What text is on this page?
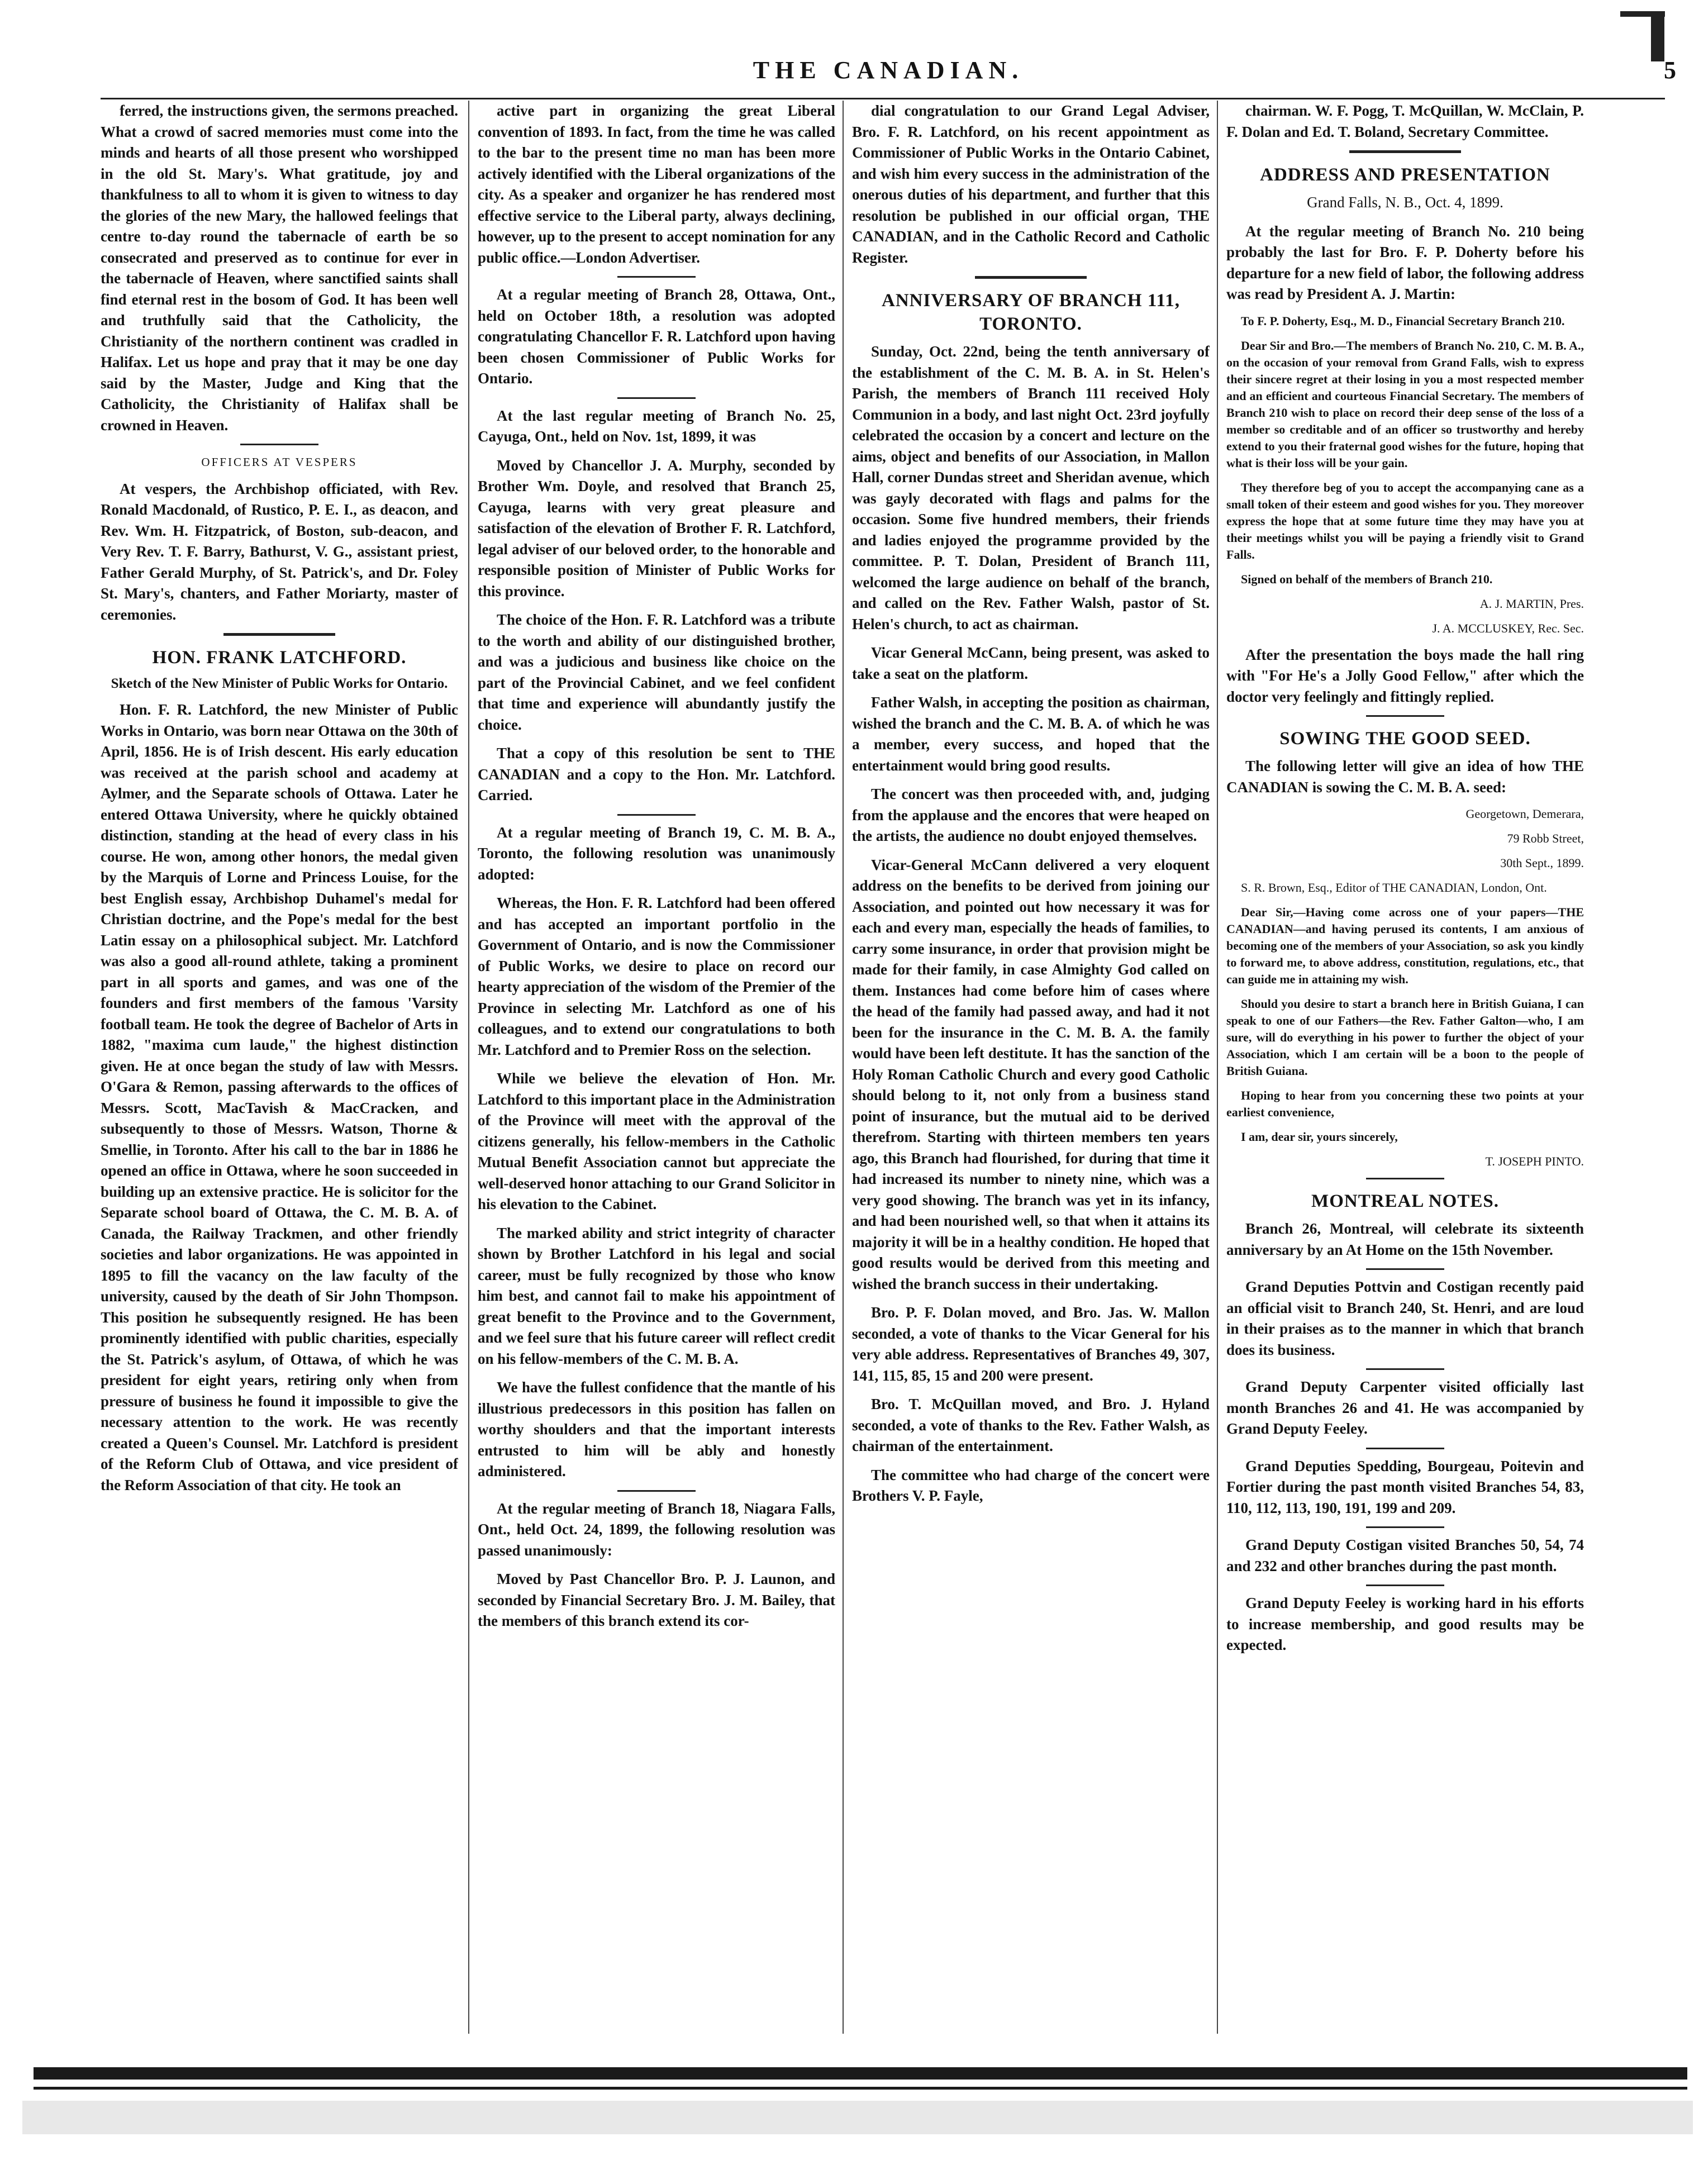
THE CANADIAN.	5

ferred, the instructions given, the sermons preached. What a crowd of sacred memories must come into the minds and hearts of all those present who worshipped in the old St. Mary's. What gratitude, joy and thankfulness to all to whom it is given to witness to day the glories of the new Mary, the hallowed feelings that centre to-day round the tabernacle of earth be so consecrated and preserved as to continue for ever in the tabernacle of Heaven, where sanctified saints shall find eternal rest in the bosom of God. It has been well and truthfully said that the Catholicity, the Christianity of the northern continent was cradled in Halifax. Let us hope and pray that it may be one day said by the Master, Judge and King that the Catholicity, the Christianity of Halifax shall be crowned in Heaven.

OFFICERS AT VESPERS

At vespers, the Archbishop officiated, with Rev. Ronald Macdonald, of Rustico, P. E. I., as deacon, and Rev. Wm. H. Fitzpatrick, of Boston, sub-deacon, and Very Rev. T. F. Barry, Bathurst, V. G., assistant priest, Father Gerald Murphy, of St. Patrick's, and Dr. Foley St. Mary's, chanters, and Father Moriarty, master of ceremonies.

HON. FRANK LATCHFORD.
Sketch of the New Minister of Public Works for Ontario.

Hon. F. R. Latchford, the new Minister of Public Works in Ontario, was born near Ottawa on the 30th of April, 1856. He is of Irish descent. His early education was received at the parish school and academy at Aylmer, and the Separate schools of Ottawa. Later he entered Ottawa University, where he quickly obtained distinction, standing at the head of every class in his course. He won, among other honors, the medal given by the Marquis of Lorne and Princess Louise, for the best English essay, Archbishop Duhamel's medal for Christian doctrine, and the Pope's medal for the best Latin essay on a philosophical subject. Mr. Latchford was also a good all-round athlete, taking a prominent part in all sports and games, and was one of the founders and first members of the famous 'Varsity football team. He took the degree of Bachelor of Arts in 1882, "maxima cum laude," the highest distinction given. He at once began the study of law with Messrs. O'Gara & Remon, passing afterwards to the offices of Messrs. Scott, MacTavish & MacCracken, and subsequently to those of Messrs. Watson, Thorne & Smellie, in Toronto. After his call to the bar in 1886 he opened an office in Ottawa, where he soon succeeded in building up an extensive practice. He is solicitor for the Separate school board of Ottawa, the C. M. B. A. of Canada, the Railway Trackmen, and other friendly societies and labor organizations. He was appointed in 1895 to fill the vacancy on the law faculty of the university, caused by the death of Sir John Thompson. This position he subsequently resigned. He has been prominently identified with public charities, especially the St. Patrick's asylum, of Ottawa, of which he was president for eight years, retiring only when from pressure of business he found it impossible to give the necessary attention to the work. He was recently created a Queen's Counsel. Mr. Latchford is president of the Reform Club of Ottawa, and vice president of the Reform Association of that city. He took an

active part in organizing the great Liberal convention of 1893. In fact, from the time he was called to the bar to the present time no man has been more actively identified with the Liberal organizations of the city. As a speaker and organizer he has rendered most effective service to the Liberal party, always declining, however, up to the present to accept nomination for any public office.—London Advertiser.

At a regular meeting of Branch 28, Ottawa, Ont., held on October 18th, a resolution was adopted congratulating Chancellor F. R. Latchford upon having been chosen Commissioner of Public Works for Ontario.

At the last regular meeting of Branch No. 25, Cayuga, Ont., held on Nov. 1st, 1899, it was

Moved by Chancellor J. A. Murphy, seconded by Brother Wm. Doyle, and resolved that Branch 25, Cayuga, learns with very great pleasure and satisfaction of the elevation of Brother F. R. Latchford, legal adviser of our beloved order, to the honorable and responsible position of Minister of Public Works for this province.

The choice of the Hon. F. R. Latchford was a tribute to the worth and ability of our distinguished brother, and was a judicious and business like choice on the part of the Provincial Cabinet, and we feel confident that time and experience will abundantly justify the choice.

That a copy of this resolution be sent to THE CANADIAN and a copy to the Hon. Mr. Latchford. Carried.

At a regular meeting of Branch 19, C. M. B. A., Toronto, the following resolution was unanimously adopted:

Whereas, the Hon. F. R. Latchford had been offered and has accepted an important portfolio in the Government of Ontario, and is now the Commissioner of Public Works, we desire to place on record our hearty appreciation of the wisdom of the Premier of the Province in selecting Mr. Latchford as one of his colleagues, and to extend our congratulations to both Mr. Latchford and to Premier Ross on the selection.

While we believe the elevation of Hon. Mr. Latchford to this important place in the Administration of the Province will meet with the approval of the citizens generally, his fellow-members in the Catholic Mutual Benefit Association cannot but appreciate the well-deserved honor attaching to our Grand Solicitor in his elevation to the Cabinet.

The marked ability and strict integrity of character shown by Brother Latchford in his legal and social career, must be fully recognized by those who know him best, and cannot fail to make his appointment of great benefit to the Province and to the Government, and we feel sure that his future career will reflect credit on his fellow-members of the C. M. B. A.

We have the fullest confidence that the mantle of his illustrious predecessors in this position has fallen on worthy shoulders and that the important interests entrusted to him will be ably and honestly administered.

At the regular meeting of Branch 18, Niagara Falls, Ont., held Oct. 24, 1899, the following resolution was passed unanimously:

Moved by Past Chancellor Bro. P. J. Launon, and seconded by Financial Secretary Bro. J. M. Bailey, that the members of this branch extend its cor-

dial congratulation to our Grand Legal Adviser, Bro. F. R. Latchford, on his recent appointment as Commissioner of Public Works in the Ontario Cabinet, and wish him every success in the administration of the onerous duties of his department, and further that this resolution be published in our official organ, THE CANADIAN, and in the Catholic Record and Catholic Register.

ANNIVERSARY OF BRANCH 111, TORONTO.

Sunday, Oct. 22nd, being the tenth anniversary of the establishment of the C. M. B. A. in St. Helen's Parish, the members of Branch 111 received Holy Communion in a body, and last night Oct. 23rd joyfully celebrated the occasion by a concert and lecture on the aims, object and benefits of our Association, in Mallon Hall, corner Dundas street and Sheridan avenue, which was gayly decorated with flags and palms for the occasion. Some five hundred members, their friends and ladies enjoyed the programme provided by the committee. P. T. Dolan, President of Branch 111, welcomed the large audience on behalf of the branch, and called on the Rev. Father Walsh, pastor of St. Helen's church, to act as chairman.

Vicar General McCann, being present, was asked to take a seat on the platform.

Father Walsh, in accepting the position as chairman, wished the branch and the C. M. B. A. of which he was a member, every success, and hoped that the entertainment would bring good results.

The concert was then proceeded with, and, judging from the applause and the encores that were heaped on the artists, the audience no doubt enjoyed themselves.

Vicar-General McCann delivered a very eloquent address on the benefits to be derived from joining our Association, and pointed out how necessary it was for each and every man, especially the heads of families, to carry some insurance, in order that provision might be made for their family, in case Almighty God called on them. Instances had come before him of cases where the head of the family had passed away, and had it not been for the insurance in the C. M. B. A. the family would have been left destitute. It has the sanction of the Holy Roman Catholic Church and every good Catholic should belong to it, not only from a business stand point of insurance, but the mutual aid to be derived therefrom. Starting with thirteen members ten years ago, this Branch had flourished, for during that time it had increased its number to ninety nine, which was a very good showing. The branch was yet in its infancy, and had been nourished well, so that when it attains its majority it will be in a healthy condition. He hoped that good results would be derived from this meeting and wished the branch success in their undertaking.

Bro. P. F. Dolan moved, and Bro. Jas. W. Mallon seconded, a vote of thanks to the Vicar General for his very able address. Representatives of Branches 49, 307, 141, 115, 85, 15 and 200 were present.

Bro. T. McQuillan moved, and Bro. J. Hyland seconded, a vote of thanks to the Rev. Father Walsh, as chairman of the entertainment.

The committee who had charge of the concert were Brothers V. P. Fayle,

chairman. W. F. Pogg, T. McQuillan, W. McClain, P. F. Dolan and Ed. T. Boland, Secretary Committee.

ADDRESS AND PRESENTATION

Grand Falls, N. B., Oct. 4, 1899.

At the regular meeting of Branch No. 210 being probably the last for Bro. F. P. Doherty before his departure for a new field of labor, the following address was read by President A. J. Martin:

To F. P. Doherty, Esq., M. D., Financial Secretary Branch 210.

Dear Sir and Bro.—The members of Branch No. 210, C. M. B. A., on the occasion of your removal from Grand Falls, wish to express their sincere regret at their losing in you a most respected member and an efficient and courteous Financial Secretary. The members of Branch 210 wish to place on record their deep sense of the loss of a member so creditable and of an officer so trustworthy and hereby extend to you their fraternal good wishes for the future, hoping that what is their loss will be your gain.

They therefore beg of you to accept the accompanying cane as a small token of their esteem and good wishes for you. They moreover express the hope that at some future time they may have you at their meetings whilst you will be paying a friendly visit to Grand Falls.

Signed on behalf of the members of Branch 210.

A. J. MARTIN, Pres.

J. A. MCCLUSKEY, Rec. Sec.

After the presentation the boys made the hall ring with "For He's a Jolly Good Fellow," after which the doctor very feelingly and fittingly replied.

SOWING THE GOOD SEED.

The following letter will give an idea of how THE CANADIAN is sowing the C. M. B. A. seed:

Georgetown, Demerara,

79 Robb Street,

30th Sept., 1899.

S. R. Brown, Esq., Editor of THE CANADIAN, London, Ont.

Dear Sir,—Having come across one of your papers—THE CANADIAN—and having perused its contents, I am anxious of becoming one of the members of your Association, so ask you kindly to forward me, to above address, constitution, regulations, etc., that can guide me in attaining my wish.

Should you desire to start a branch here in British Guiana, I can speak to one of our Fathers—the Rev. Father Galton—who, I am sure, will do everything in his power to further the object of your Association, which I am certain will be a boon to the people of British Guiana.

Hoping to hear from you concerning these two points at your earliest convenience,

I am, dear sir, yours sincerely,

T. JOSEPH PINTO.

MONTREAL NOTES.

Branch 26, Montreal, will celebrate its sixteenth anniversary by an At Home on the 15th November.

Grand Deputies Pottvin and Costigan recently paid an official visit to Branch 240, St. Henri, and are loud in their praises as to the manner in which that branch does its business.

Grand Deputy Carpenter visited officially last month Branches 26 and 41. He was accompanied by Grand Deputy Feeley.

Grand Deputies Spedding, Bourgeau, Poitevin and Fortier during the past month visited Branches 54, 83, 110, 112, 113, 190, 191, 199 and 209.

Grand Deputy Costigan visited Branches 50, 54, 74 and 232 and other branches during the past month.

Grand Deputy Feeley is working hard in his efforts to increase membership, and good results may be expected.
